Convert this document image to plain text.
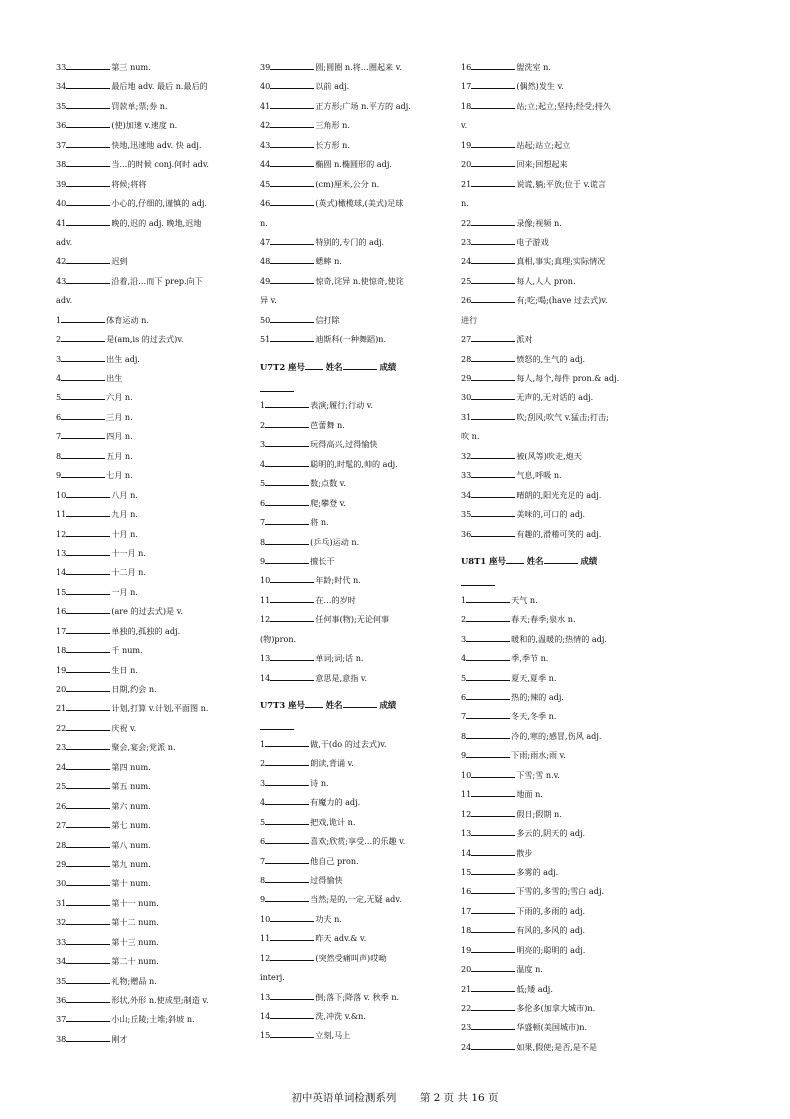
33	第三 num.
34	最后地 adv. 最后 n.最后的
35	罚款单;票;券 n.
36	(使)加速 v.速度 n.
37	快地,迅速地 adv. 快 adj.
38	当…的时候 conj.何时 adv.
39	将候;将将
40	小心的,仔细的,谨慎的 adj.
41	晚的,迟的 adj. 晚地,迟地
adv.
42	迟到
43	沿着,沿…而下 prep.向下
adv.
1	体育运动 n.
2	是(am,is 的过去式)v.
3	出生 adj.
4	出生
5	六月 n.
6	三月 n.
7	四月 n.
8	五月 n.
9	七月 n.
10	八月 n.
11	九月 n.
12	十月 n.
13	十一月 n.
14	十二月 n.
15	一月 n.
16	(are 的过去式)是 v.
17	单独的,孤独的 adj.
18	千 num.
19	生日 n.
20	日期,约会 n.
21	计划,打算 v.计划,平面图 n.
22	庆祝 v.
23	聚会,宴会;党派 n.
24	第四 num.
25	第五 num.
26	第六 num.
27	第七 num.
28	第八 num.
29	第九 num.
30	第十 num.
31	第十一 num.
32	第十二 num.
33	第十三 num.
34	第二十 num.
35	礼物;赠品 n.
36	形状,外形 n.使成型;制造 v.
37	小山;丘陵;土堆;斜坡 n.
38	刚才
39	圆;圆圈 n.将…圈起来 v.
40	以前 adj.
41	正方形;广场 n.平方的 adj.
42	三角形 n.
43	长方形 n.
44	椭圆 n.椭圆形的 adj.
45	(cm)厘米,公分 n.
46	(英式)橄榄球,(美式)足球
n.
47	特别的,专门的 adj.
48	蟋蟀 n.
49	惊奇,诧异 n.使惊奇,使诧
异 v.
50	信打除
51	迪斯科(一种舞蹈)n.
U7T2 座号 姓名	成绩
1	表演;履行;行动 v.
2	芭蕾舞 n.
3	玩得高兴,过得愉快
4	聪明的,时髦的,帅的 adj.
5	数;点数 v.
6	爬;攀登 v.
7	将 n.
8	(乒乓)运动 n.
9	擅长干
10	年龄;时代 n.
11	在…的岁时
12	任何事(物);无论何事
(物)pron.
13	单词;词;话 n.
14	意思是,意指 v.
U7T3 座号 姓名	成绩
1	做,干(do 的过去式)v.
2	朗读,背诵 v.
3	诗 n.
4	有魔力的 adj.
5	把戏,诡计 n.
6	喜欢;欣赏;享受…的乐趣 v.
7	他自己 pron.
8	过得愉快
9	当然;是的,一定,无疑 adv.
10	功夫 n.
11	昨天 adv.& v.
12	(突然受痛叫声)哎呦
interj.
13	倒;落下;降落 v. 秋季 n.
14	洗,冲洗 v.&n.
15	立刻,马上
16	盥洗室 n.
17	(偶然)发生 v.
18	站;立;起立;坚持;经受;持久
v.
19	站起;站立;起立
20	回来;回想起来
21	说谎,躺;平放;位于 v.谎言
n.
22	录像;视频 n.
23	电子游戏
24	真相,事实;真理;实际情况
25	每人,人人 pron.
26	有;吃;喝;(have 过去式)v.
进行
27	派对
28	愤怒的,生气的 adj.
29	每人,每个,每件 pron.& adj.
30	无声的,无对话的 adj.
31	吹;刮风;吹气 v.猛击;打击;
吹 n.
32	被(风等)吹走,炮天
33	气息,呼吸 n.
34	晴朗的,阳光充足的 adj.
35	美味的,可口的 adj.
36	有趣的,滑稽可笑的 adj.
U8T1 座号 姓名	成绩
1	天气 n.
2	春天;春季;泉水 n.
3	暖和的,温暖的;热情的 adj.
4	季,季节 n.
5	夏天,夏季 n.
6	热的;辣的 adj.
7	冬天,冬季 n.
8	冷的,寒的;感冒,伤风 adj.
9	下雨;雨水;雨 v.
10	下雪;雪 n.v.
11	地面 n.
12	假日;假期 n.
13	多云的,阴天的 adj.
14	散步
15	多雾的 adj.
16	下雪的,多雪的;雪白 adj.
17	下雨的,多雨的 adj.
18	有风的,多风的 adj.
19	明亮的;聪明的 adj.
20	温度 n.
21	低;矮 adj.
22	多伦多(加拿大城市)n.
23	华盛顿(美国城市)n.
24	如果,假使;是否,是不是
初中英语单词检测系列 第 2 页 共 16 页
